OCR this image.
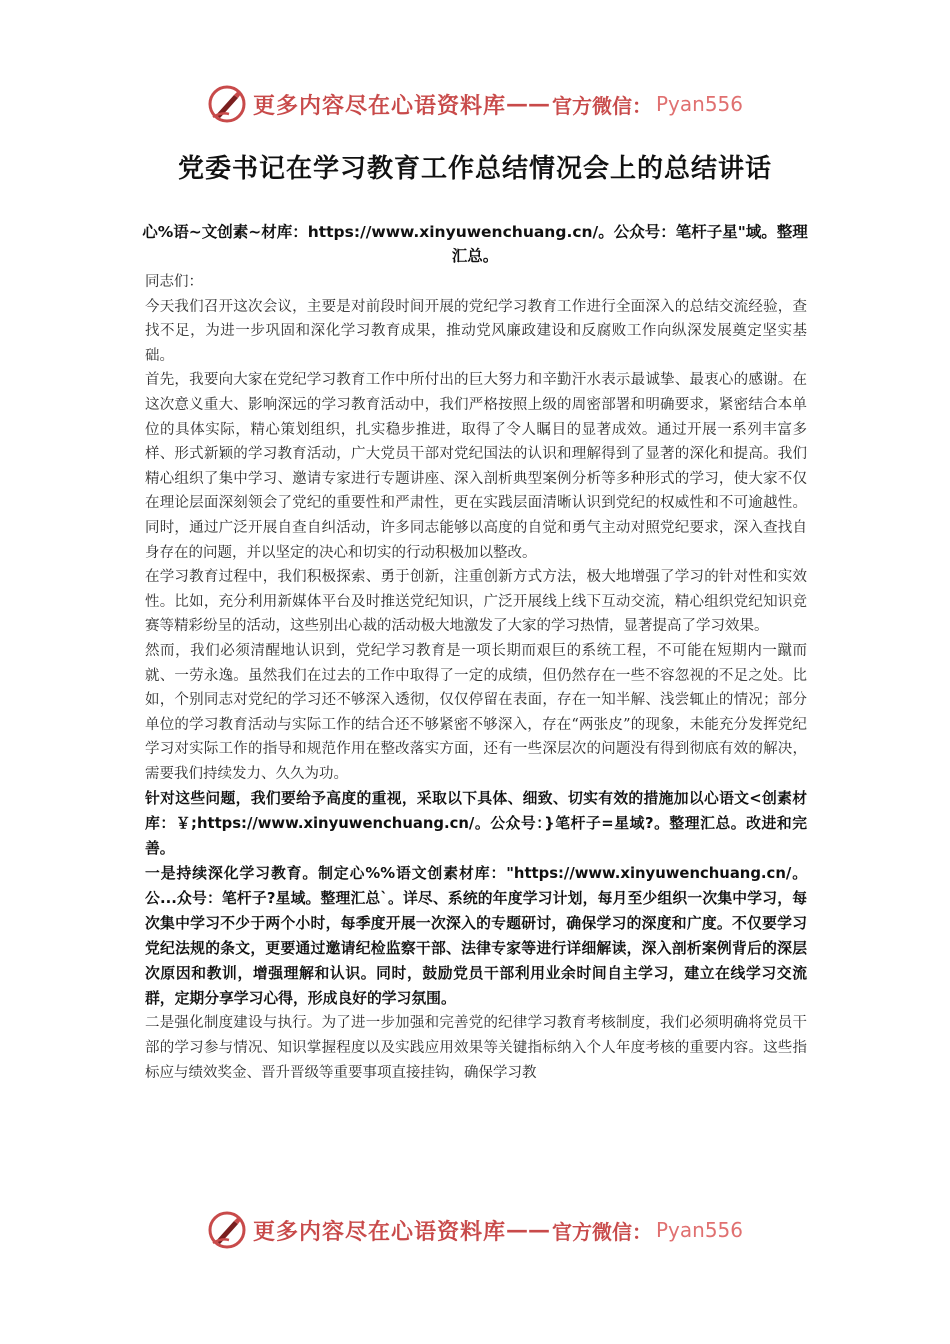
更多内容尽在心语资料库 —— 官方微信： Pyan556
党委书记在学习教育工作总结情况会上的总结讲话

心%语~文创素~材库：https://www.xinyuwenchuang.cn/。公众号：笔杆子星"域。整理汇总。

同志们：

今天我们召开这次会议，主要是对前段时间开展的党纪学习教育工作进行全面深入的总结交流经验，查找不足，为进一步巩固和深化学习教育成果，推动党风廉政建设和反腐败工作向纵深发展奠定坚实基础。

首先，我要向大家在党纪学习教育工作中所付出的巨大努力和辛勤汗水表示最诚挚、最衷心的感谢。在这次意义重大、影响深远的学习教育活动中，我们严格按照上级的周密部署和明确要求，紧密结合本单位的具体实际，精心策划组织，扎实稳步推进，取得了令人瞩目的显著成效。通过开展一系列丰富多样、形式新颖的学习教育活动，广大党员干部对党纪国法的认识和理解得到了显著的深化和提高。我们精心组织了集中学习、邀请专家进行专题讲座、深入剖析典型案例分析等多种形式的学习，使大家不仅在理论层面深刻领会了党纪的重要性和严肃性，更在实践层面清晰认识到党纪的权威性和不可逾越性。同时，通过广泛开展自查自纠活动，许多同志能够以高度的自觉和勇气主动对照党纪要求，深入查找自身存在的问题，并以坚定的决心和切实的行动积极加以整改。

在学习教育过程中，我们积极探索、勇于创新，注重创新方式方法，极大地增强了学习的针对性和实效性。比如，充分利用新媒体平台及时推送党纪知识，广泛开展线上线下互动交流，精心组织党纪知识竞赛等精彩纷呈的活动，这些别出心裁的活动极大地激发了大家的学习热情，显著提高了学习效果。

然而，我们必须清醒地认识到，党纪学习教育是一项长期而艰巨的系统工程，不可能在短期内一蹴而就、一劳永逸。虽然我们在过去的工作中取得了一定的成绩，但仍然存在一些不容忽视的不足之处。比如，个别同志对党纪的学习还不够深入透彻，仅仅停留在表面，存在一知半解、浅尝辄止的情况；部分单位的学习教育活动与实际工作的结合还不够紧密不够深入，存在“两张皮”的现象，未能充分发挥党纪学习对实际工作的指导和规范作用在整改落实方面，还有一些深层次的问题没有得到彻底有效的解决，需要我们持续发力、久久为功。

针对这些问题，我们要给予高度的重视，采取以下具体、细致、切实有效的措施加以心语文<创素材库：￥;https://www.xinyuwenchuang.cn/。公众号：}笔杆子=星域?。整理汇总。改进和完善。

一是持续深化学习教育。制定心%%语文创素材库："https://www.xinyuwenchuang.cn/。公...众号：笔杆子?星域。整理汇总`。详尽、系统的年度学习计划，每月至少组织一次集中学习，每次集中学习不少于两个小时，每季度开展一次深入的专题研讨，确保学习的深度和广度。不仅要学习党纪法规的条文，更要通过邀请纪检监察干部、法律专家等进行详细解读，深入剖析案例背后的深层次原因和教训，增强理解和认识。同时，鼓励党员干部利用业余时间自主学习，建立在线学习交流群，定期分享学习心得，形成良好的学习氛围。

二是强化制度建设与执行。为了进一步加强和完善党的纪律学习教育考核制度，我们必须明确将党员干部的学习参与情况、知识掌握程度以及实践应用效果等关键指标纳入个人年度考核的重要内容。这些指标应与绩效奖金、晋升晋级等重要事项直接挂钩，确保学习教

更多内容尽在心语资料库 —— 官方微信： Pyan556
